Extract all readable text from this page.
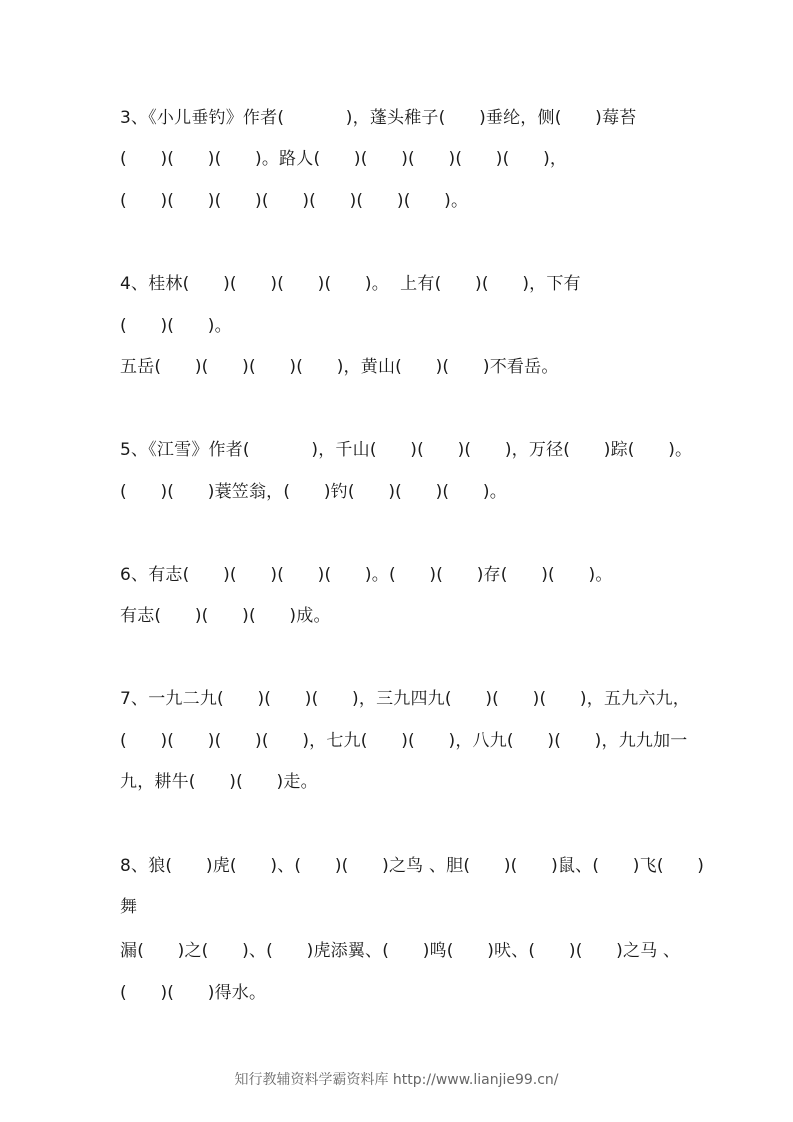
3、《小儿垂钓》作者(           )，蓬头稚子(      )垂纶，侧(      )莓苔
(      )(      )(      )。路人(      )(      )(      )(      )(      )，
(      )(      )(      )(      )(      )(      )(      )。
4、桂林(      )(      )(      )(      )。  上有(      )(      )，下有
(      )(      )。
五岳(      )(      )(      )(      )，黄山(      )(      )不看岳。
5、《江雪》作者(           )，千山(      )(      )(      )，万径(      )踪(      )。
(      )(      )蓑笠翁，(      )钓(      )(      )(      )。
6、有志(      )(      )(      )(      )。(      )(      )存(      )(      )。
有志(      )(      )(      )成。
7、一九二九(      )(      )(      )，三九四九(      )(      )(      )，五九六九，
(      )(      )(      )(      )，七九(      )(      )，八九(      )(      )，九九加一
九，耕牛(      )(      )走。
8、狼(      )虎(      )、(      )(      )之鸟 、胆(      )(      )鼠、(      )飞(      )
舞
漏(      )之(      )、(      )虎添翼、(      )鸣(      )吠、(      )(      )之马 、
(      )(      )得水。
知行教辅资料学霸资料库 http://www.lianjie99.cn/
